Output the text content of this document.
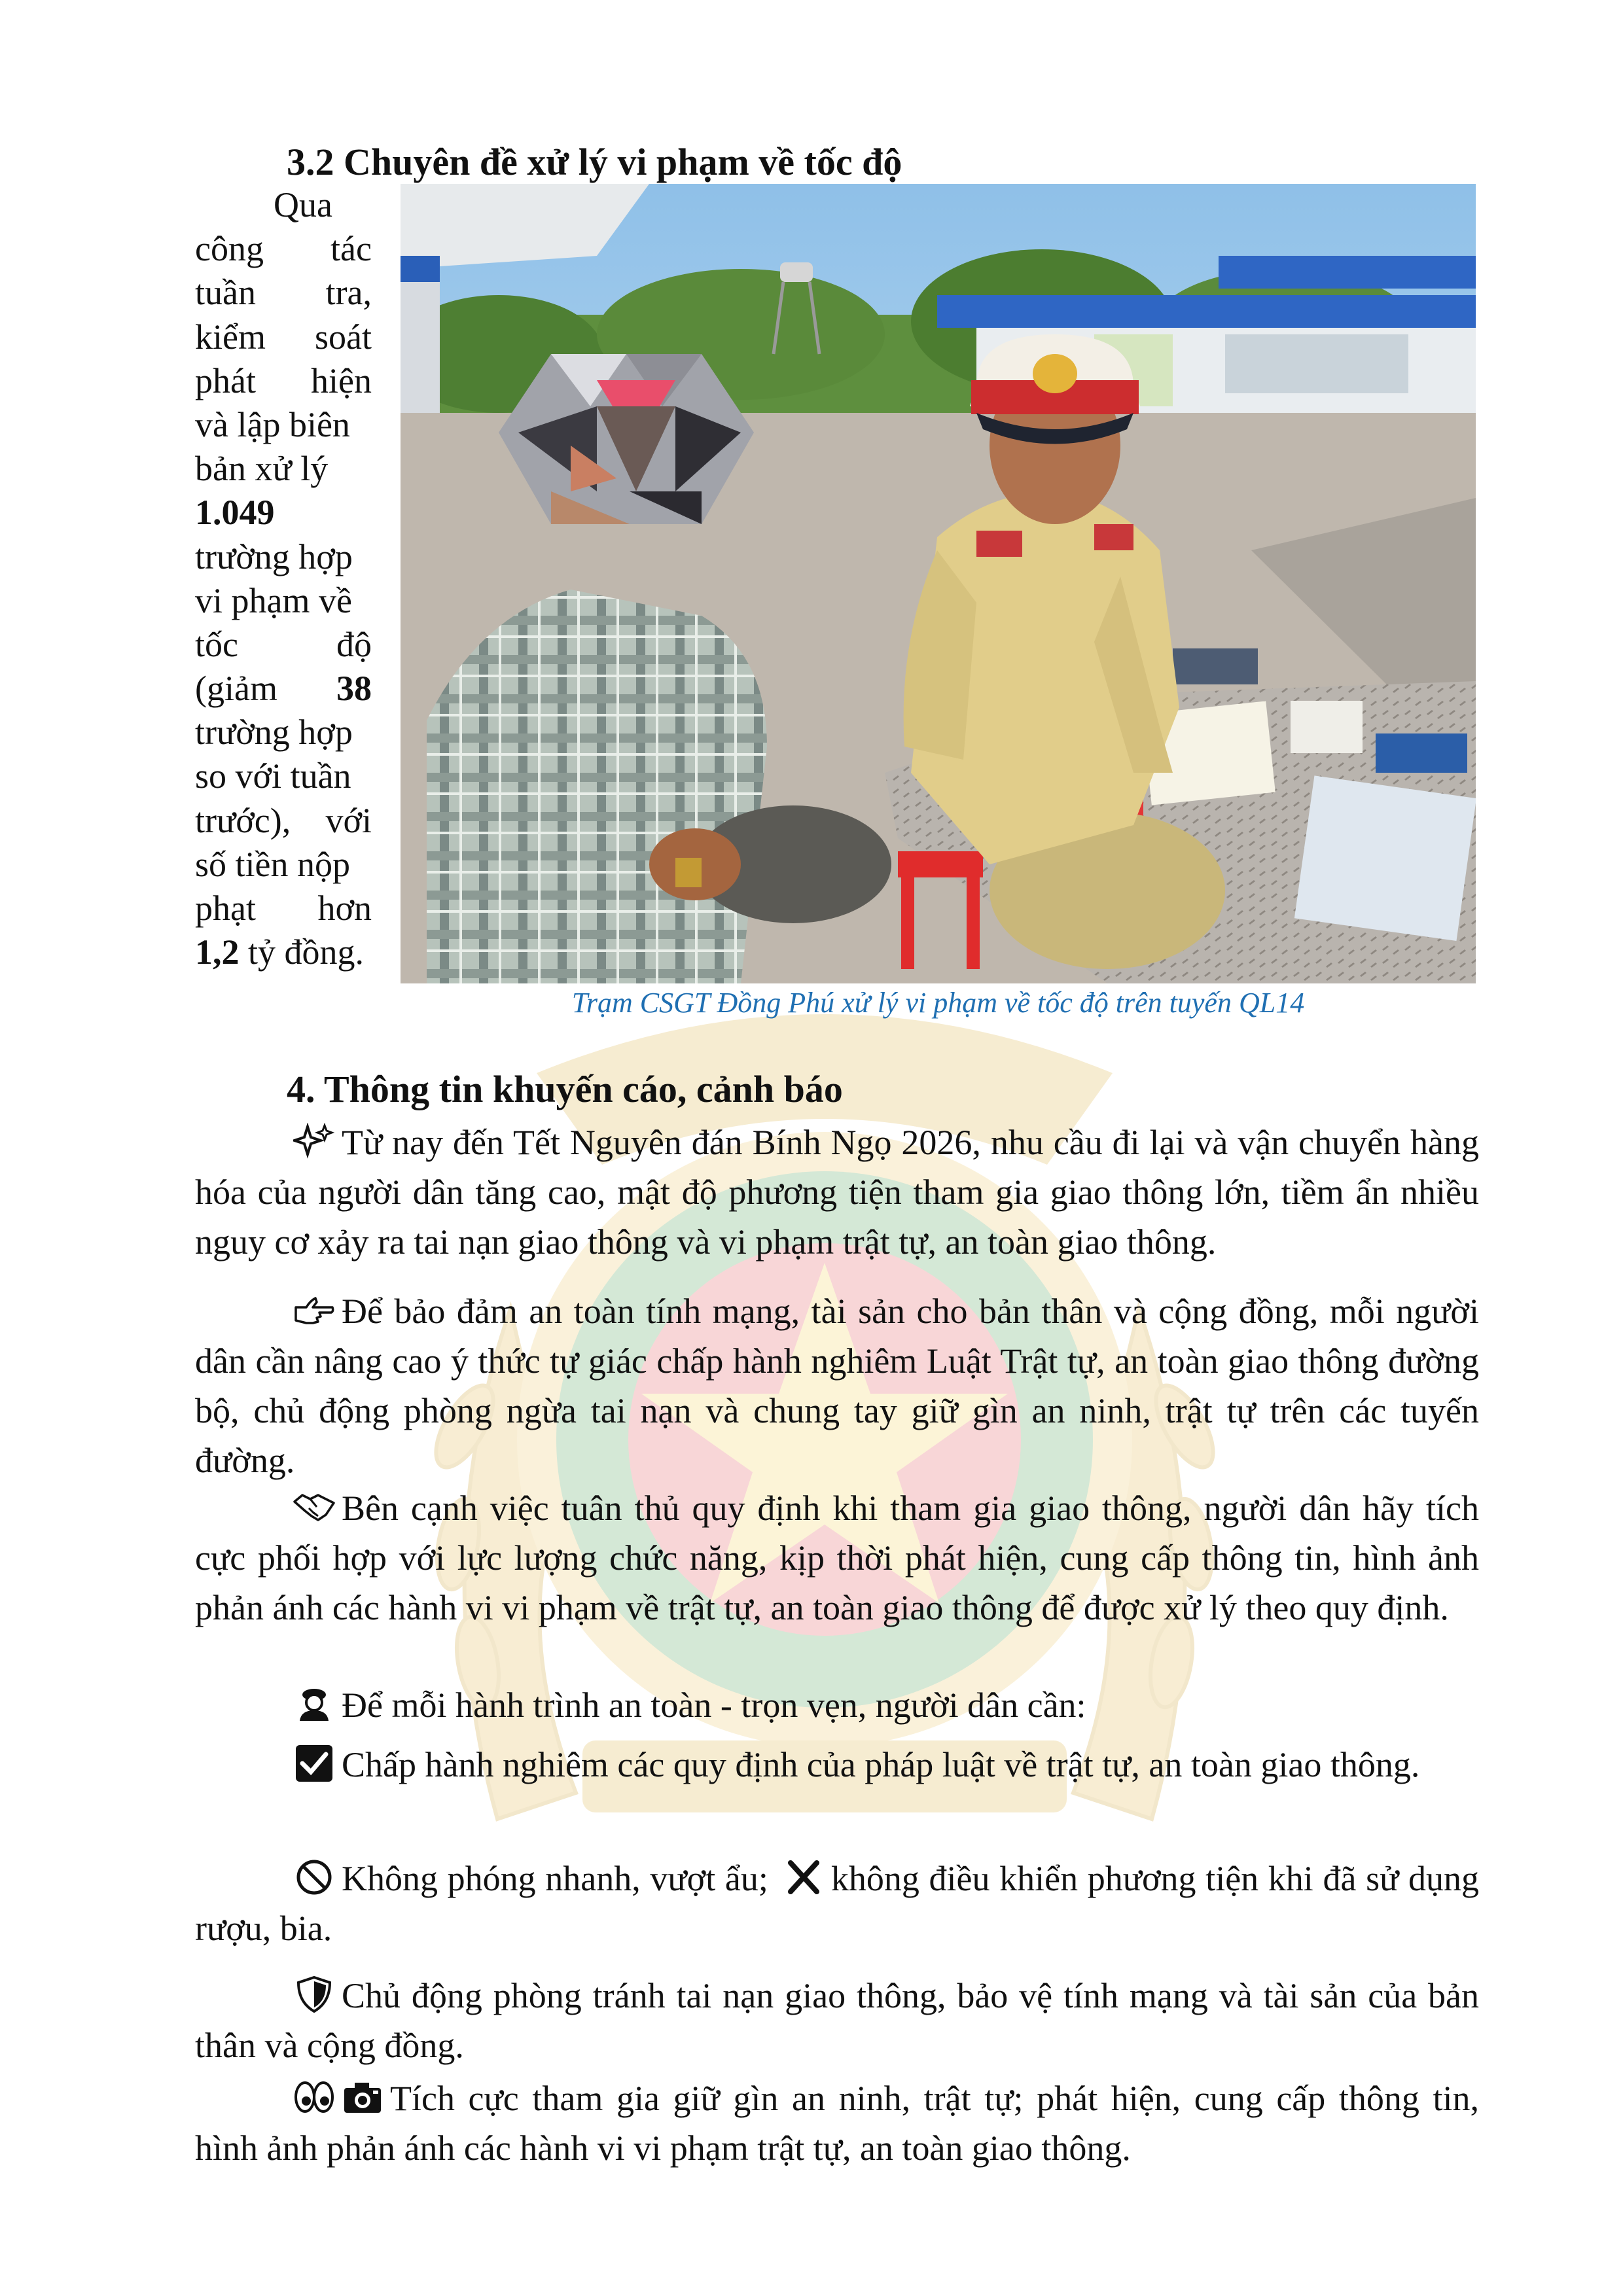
3.2 Chuyên đề xử lý vi phạm về tốc độ
Qua
công tác
tuần tra,
kiểm soát
phát hiện
và lập biên
bản xử lý
1.049
trường hợp
vi phạm về
tốc	độ
(giảm 38
trường hợp
so với tuần
trước), với
số tiền nộp
phạt hơn
1,2 tỷ đồng.
Trạm CSGT Đồng Phú xử lý vi phạm về tốc độ trên tuyến QL14
4. Thông tin khuyến cáo, cảnh báo
Từ nay đến Tết Nguyên đán Bính Ngọ 2026, nhu cầu đi lại và vận chuyển hàng hóa của người dân tăng cao, mật độ phương tiện tham gia giao thông lớn, tiềm ẩn nhiều nguy cơ xảy ra tai nạn giao thông và vi phạm trật tự, an toàn giao thông.
Để bảo đảm an toàn tính mạng, tài sản cho bản thân và cộng đồng, mỗi người dân cần nâng cao ý thức tự giác chấp hành nghiêm Luật Trật tự, an toàn giao thông đường bộ, chủ động phòng ngừa tai nạn và chung tay giữ gìn an ninh, trật tự trên các tuyến đường.
Bên cạnh việc tuân thủ quy định khi tham gia giao thông, người dân hãy tích cực phối hợp với lực lượng chức năng, kịp thời phát hiện, cung cấp thông tin, hình ảnh phản ánh các hành vi vi phạm về trật tự, an toàn giao thông để được xử lý theo quy định.
Để mỗi hành trình an toàn - trọn vẹn, người dân cần:
Chấp hành nghiêm các quy định của pháp luật về trật tự, an toàn giao thông.
Không phóng nhanh, vượt ẩu; không điều khiển phương tiện khi đã sử dụng rượu, bia.
Chủ động phòng tránh tai nạn giao thông, bảo vệ tính mạng và tài sản của bản thân và cộng đồng.
Tích cực tham gia giữ gìn an ninh, trật tự; phát hiện, cung cấp thông tin, hình ảnh phản ánh các hành vi vi phạm trật tự, an toàn giao thông.
